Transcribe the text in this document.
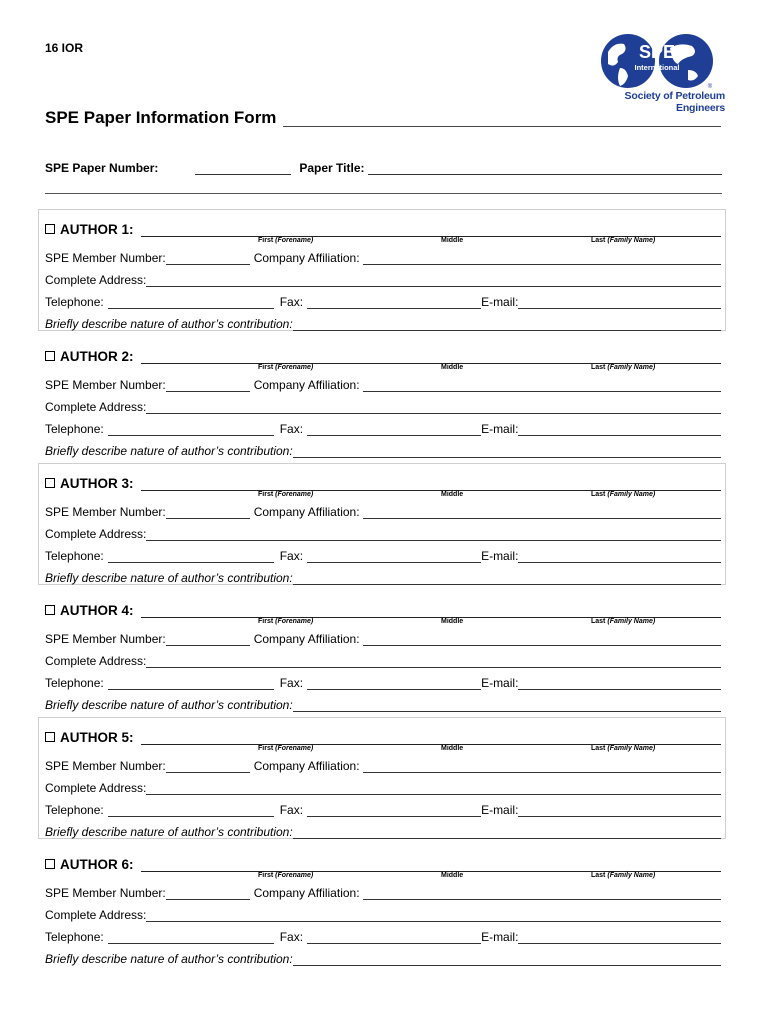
16 IOR	SPE
International
®
Society of Petroleum Engineers
SPE Paper Information Form
SPE Paper Number:	Paper Title:
AUTHOR 1:
First (Forename)	Middle	Last (Family Name)
SPE Member Number:	Company Affiliation:
Complete Address:
Telephone:	Fax:	E-mail:
Briefly describe nature of author’s contribution:
AUTHOR 2:
First (Forename)	Middle	Last (Family Name)
SPE Member Number:	Company Affiliation:
Complete Address:
Telephone:	Fax:	E-mail:
Briefly describe nature of author’s contribution:
AUTHOR 3:
First (Forename)	Middle	Last (Family Name)
SPE Member Number:	Company Affiliation:
Complete Address:
Telephone:	Fax:	E-mail:
Briefly describe nature of author’s contribution:
AUTHOR 4:
First (Forename)	Middle	Last (Family Name)
SPE Member Number:	Company Affiliation:
Complete Address:
Telephone:	Fax:	E-mail:
Briefly describe nature of author’s contribution:
AUTHOR 5:
First (Forename)	Middle	Last (Family Name)
SPE Member Number:	Company Affiliation:
Complete Address:
Telephone:	Fax:	E-mail:
Briefly describe nature of author’s contribution:
AUTHOR 6:
First (Forename)	Middle	Last (Family Name)
SPE Member Number:	Company Affiliation:
Complete Address:
Telephone:	Fax:	E-mail:
Briefly describe nature of author’s contribution:
